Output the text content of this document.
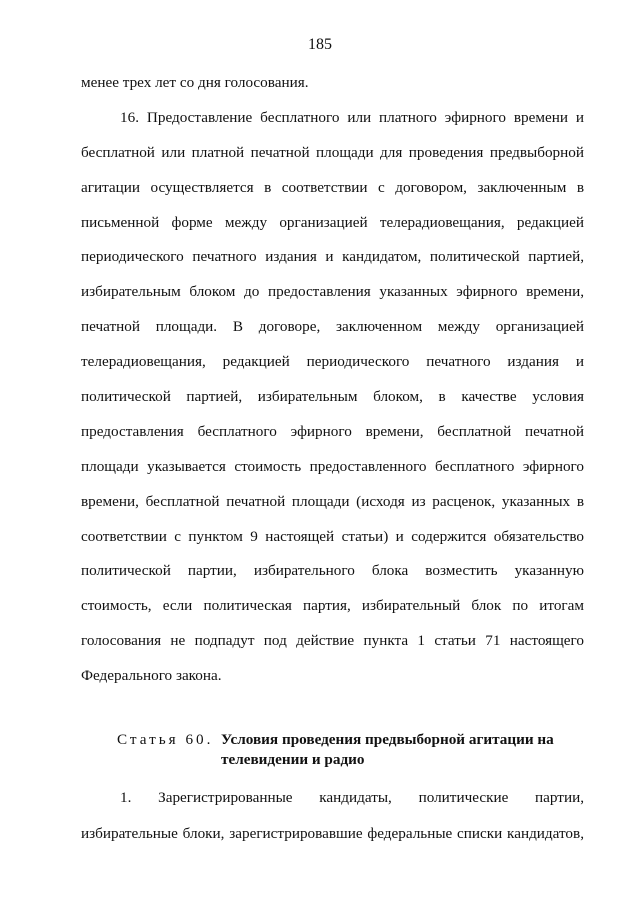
185
менее трех лет со дня голосования.
16. Предоставление бесплатного или платного эфирного времени и
бесплатной или платной печатной площади для проведения предвыборной
агитации осуществляется в соответствии с договором, заключенным в
письменной форме между организацией телерадиовещания, редакцией
периодического печатного издания и кандидатом, политической партией,
избирательным блоком до предоставления указанных эфирного времени,
печатной площади. В договоре, заключенном между организацией
телерадиовещания, редакцией периодического печатного издания и
политической партией, избирательным блоком, в качестве условия
предоставления бесплатного эфирного времени, бесплатной печатной
площади указывается стоимость предоставленного бесплатного эфирного
времени, бесплатной печатной площади (исходя из расценок, указанных в
соответствии с пунктом 9 настоящей статьи) и содержится обязательство
политической партии, избирательного блока возместить указанную
стоимость, если политическая партия, избирательный блок по итогам
голосования не подпадут под действие пункта 1 статьи 71 настоящего
Федерального закона.
Статья 60. Условия проведения предвыборной агитации на
телевидении и радио
1. Зарегистрированные кандидаты, политические партии,
избирательные блоки, зарегистрировавшие федеральные списки кандидатов,
